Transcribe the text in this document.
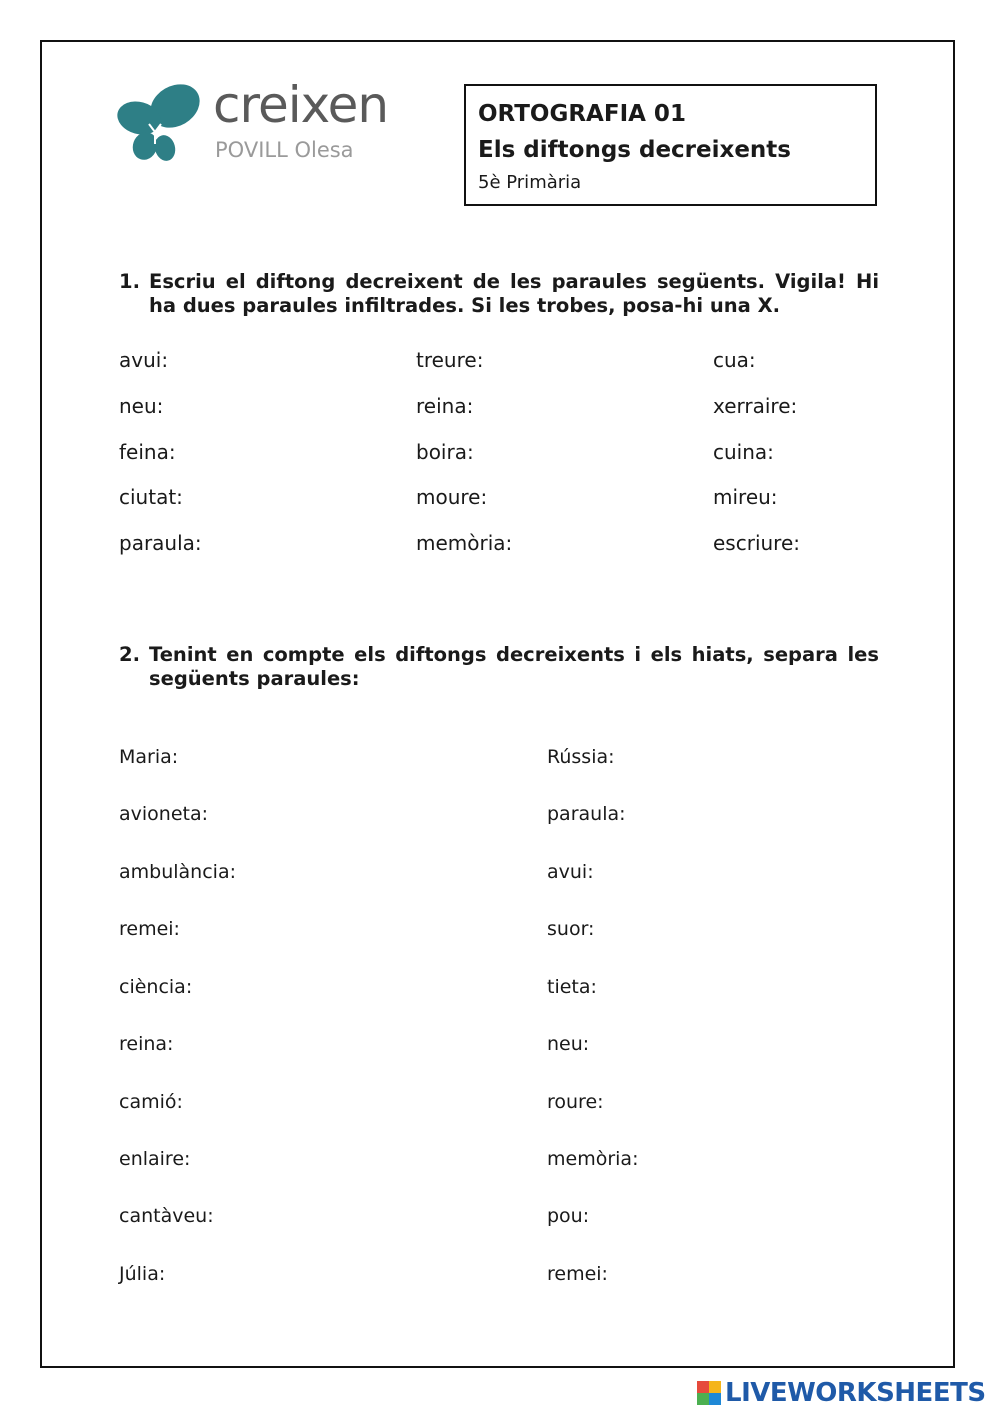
creixen
POVILL Olesa
ORTOGRAFIA 01
Els diftongs decreixents
5è Primària
1. Escriu el diftong decreixent de les paraules següents. Vigila! Hi ha dues paraules infiltrades. Si les trobes, posa-hi una X.
avui:
neu:
feina:
ciutat:
paraula:
treure:
reina:
boira:
moure:
memòria:
cua:
xerraire:
cuina:
mireu:
escriure:
2. Tenint en compte els diftongs decreixents i els hiats, separa les següents paraules:
Maria:
avioneta:
ambulància:
remei:
ciència:
reina:
camió:
enlaire:
cantàveu:
Júlia:
Rússia:
paraula:
avui:
suor:
tieta:
neu:
roure:
memòria:
pou:
remei:
LIVEWORKSHEETS
